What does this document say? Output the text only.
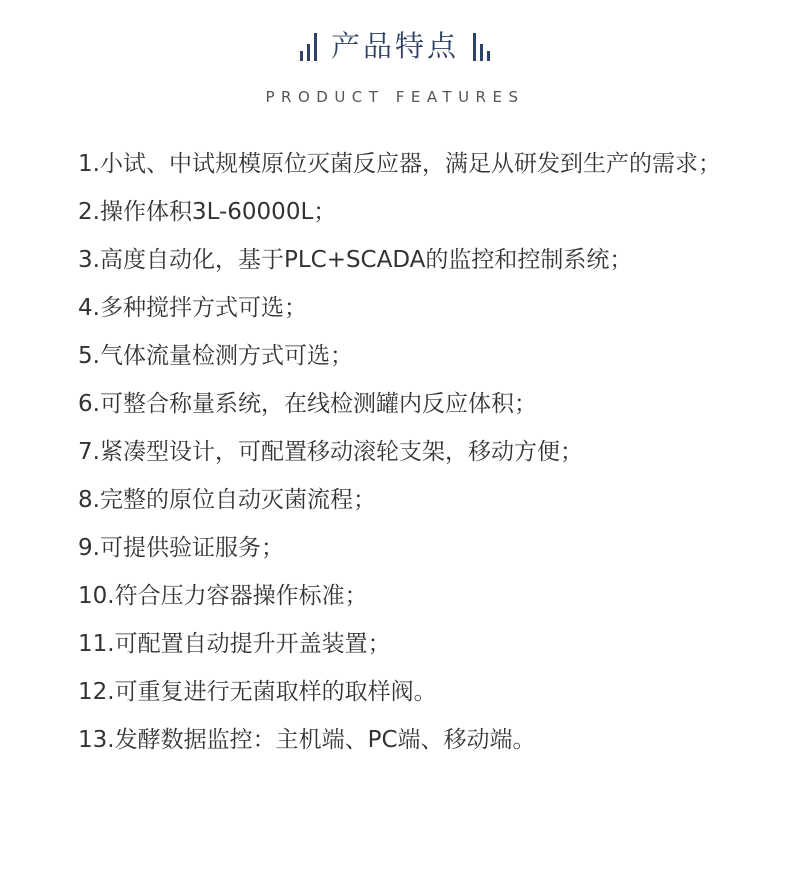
产品特点
PRODUCT FEATURES

1.小试、中试规模原位灭菌反应器，满足从研发到生产的需求；

2.操作体积3L-60000L；

3.高度自动化，基于PLC+SCADA的监控和控制系统；

4.多种搅拌方式可选；

5.气体流量检测方式可选；

6.可整合称量系统，在线检测罐内反应体积；

7.紧凑型设计，可配置移动滚轮支架，移动方便；

8.完整的原位自动灭菌流程；

9.可提供验证服务；

10.符合压力容器操作标准；

11.可配置自动提升开盖装置；

12.可重复进行无菌取样的取样阀。

13.发酵数据监控：主机端、PC端、移动端。
